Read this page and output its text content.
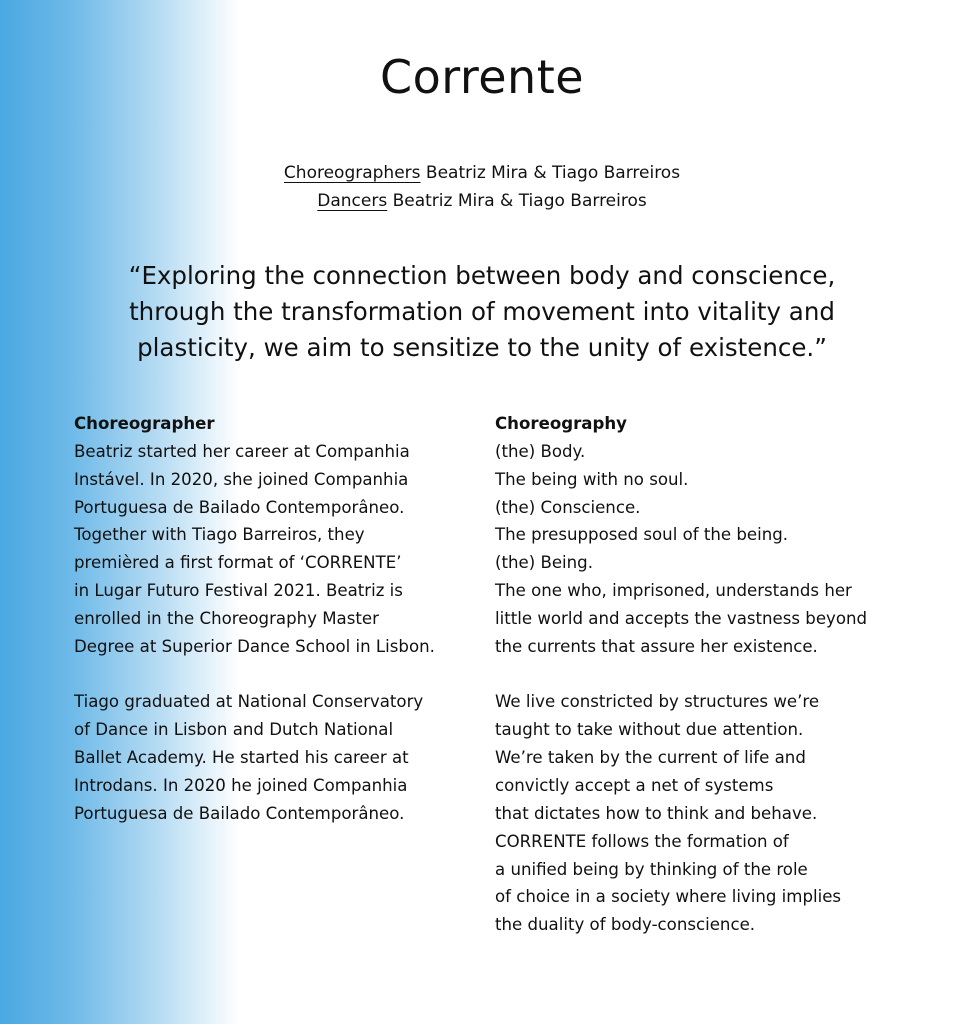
Corrente
Choreographers Beatriz Mira & Tiago Barreiros
Dancers Beatriz Mira & Tiago Barreiros
“Exploring the connection between body and conscience,
through the transformation of movement into vitality and
plasticity, we aim to sensitize to the unity of existence.”
Choreographer
Beatriz started her career at Companhia
Instável. In 2020, she joined Companhia
Portuguesa de Bailado Contemporâneo.
Together with Tiago Barreiros, they
premièred a first format of ‘CORRENTE’
in Lugar Futuro Festival 2021. Beatriz is
enrolled in the Choreography Master
Degree at Superior Dance School in Lisbon.
Tiago graduated at National Conservatory
of Dance in Lisbon and Dutch National
Ballet Academy. He started his career at
Introdans. In 2020 he joined Companhia
Portuguesa de Bailado Contemporâneo.
Choreography
(the) Body.
The being with no soul.
(the) Conscience.
The presupposed soul of the being.
(the) Being.
The one who, imprisoned, understands her
little world and accepts the vastness beyond
the currents that assure her existence.
We live constricted by structures we’re
taught to take without due attention.
We’re taken by the current of life and
convictly accept a net of systems
that dictates how to think and behave.
CORRENTE follows the formation of
a unified being by thinking of the role
of choice in a society where living implies
the duality of body-conscience.
